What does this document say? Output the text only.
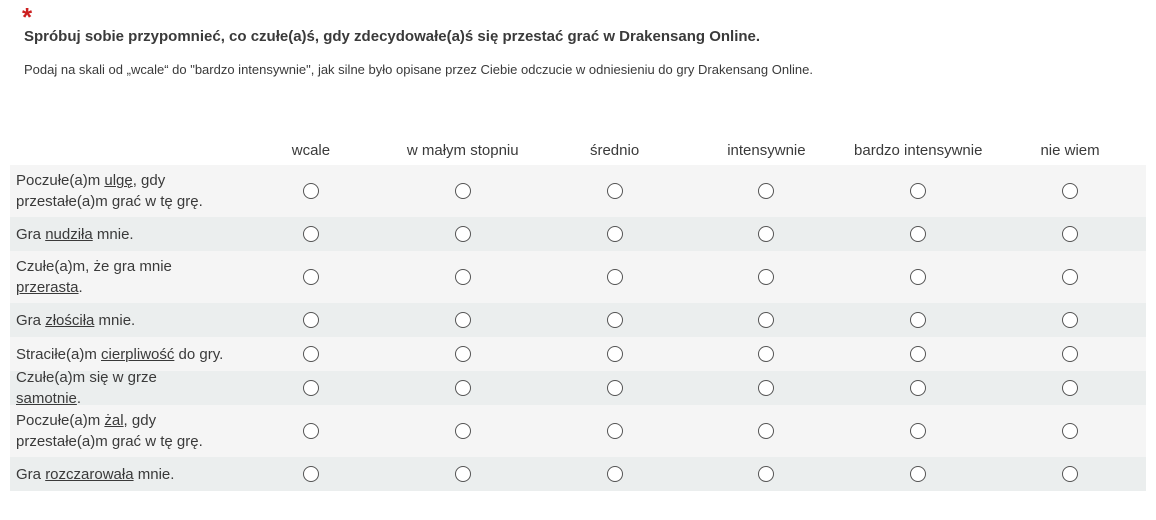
*
Spróbuj sobie przypomnieć, co czułe(a)ś, gdy zdecydowałe(a)ś się przestać grać w Drakensang Online.
Podaj na skali od „wcale“ do "bardzo intensywnie", jak silne było opisane przez Ciebie odczucie w odniesieniu do gry Drakensang Online.
wcale	w małym stopniu	średnio	intensywnie	bardzo intensywnie	nie wiem
Poczułe(a)m ulgę, gdy przestałe(a)m grać w tę grę.
Gra nudziła mnie.
Czułe(a)m, że gra mnie przerasta.
Gra złościła mnie.
Straciłe(a)m cierpliwość do gry.
Czułe(a)m się w grze samotnie.
Poczułe(a)m żal, gdy przestałe(a)m grać w tę grę.
Gra rozczarowała mnie.
